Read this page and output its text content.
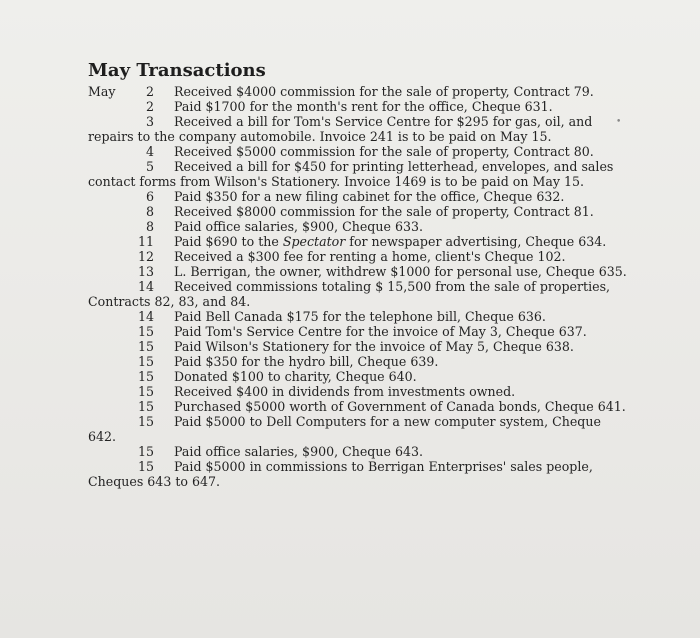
May Transactions
May	2 Received $4000 commission for the sale of property, Contract 79.
2 Paid $1700 for the month's rent for the office, Cheque 631.
3 Received a bill for Tom's Service Centre for $295 for gas, oil, and
repairs to the company automobile. Invoice 241 is to be paid on May 15.
4 Received $5000 commission for the sale of property, Contract 80.
5 Received a bill for $450 for printing letterhead, envelopes, and sales
contact forms from Wilson's Stationery. Invoice 1469 is to be paid on May 15.
6 Paid $350 for a new filing cabinet for the office, Cheque 632.
8 Received $8000 commission for the sale of property, Contract 81.
8 Paid office salaries, $900, Cheque 633.
11 Paid $690 to the Spectator for newspaper advertising, Cheque 634.
12 Received a $300 fee for renting a home, client's Cheque 102.
13 L. Berrigan, the owner, withdrew $1000 for personal use, Cheque 635.
14 Received commissions totaling $ 15,500 from the sale of properties,
Contracts 82, 83, and 84.
14 Paid Bell Canada $175 for the telephone bill, Cheque 636.
15 Paid Tom's Service Centre for the invoice of May 3, Cheque 637.
15 Paid Wilson's Stationery for the invoice of May 5, Cheque 638.
15 Paid $350 for the hydro bill, Cheque 639.
15 Donated $100 to charity, Cheque 640.
15 Received $400 in dividends from investments owned.
15 Purchased $5000 worth of Government of Canada bonds, Cheque 641.
15 Paid $5000 to Dell Computers for a new computer system, Cheque
642.
15 Paid office salaries, $900, Cheque 643.
15 Paid $5000 in commissions to Berrigan Enterprises' sales people,
Cheques 643 to 647.
•
